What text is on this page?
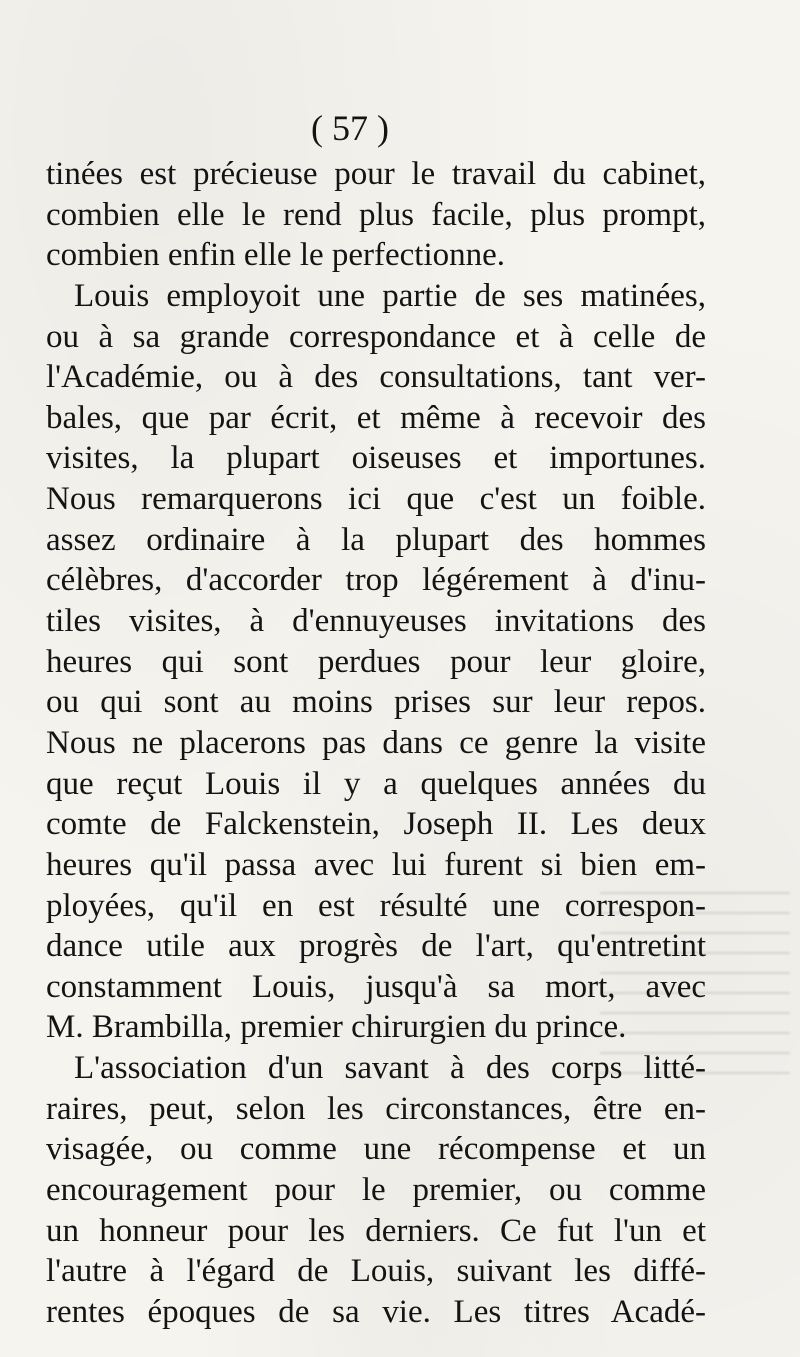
( 57 )
tinées est précieuse pour le travail du cabinet,
combien elle le rend plus facile, plus prompt,
combien enfin elle le perfectionne.
Louis employoit une partie de ses matinées,
ou à sa grande correspondance et à celle de
l'Académie, ou à des consultations, tant ver-
bales, que par écrit, et même à recevoir des
visites, la plupart oiseuses et importunes.
Nous remarquerons ici que c'est un foible.
assez ordinaire à la plupart des hommes
célèbres, d'accorder trop légérement à d'inu-
tiles visites, à d'ennuyeuses invitations des
heures qui sont perdues pour leur gloire,
ou qui sont au moins prises sur leur repos.
Nous ne placerons pas dans ce genre la visite
que reçut Louis il y a quelques années du
comte de Falckenstein, Joseph II. Les deux
heures qu'il passa avec lui furent si bien em-
ployées, qu'il en est résulté une correspon-
dance utile aux progrès de l'art, qu'entretint
constamment Louis, jusqu'à sa mort, avec
M. Brambilla, premier chirurgien du prince.
L'association d'un savant à des corps litté-
raires, peut, selon les circonstances, être en-
visagée, ou comme une récompense et un
encouragement pour le premier, ou comme
un honneur pour les derniers. Ce fut l'un et
l'autre à l'égard de Louis, suivant les diffé-
rentes époques de sa vie. Les titres Acadé-
